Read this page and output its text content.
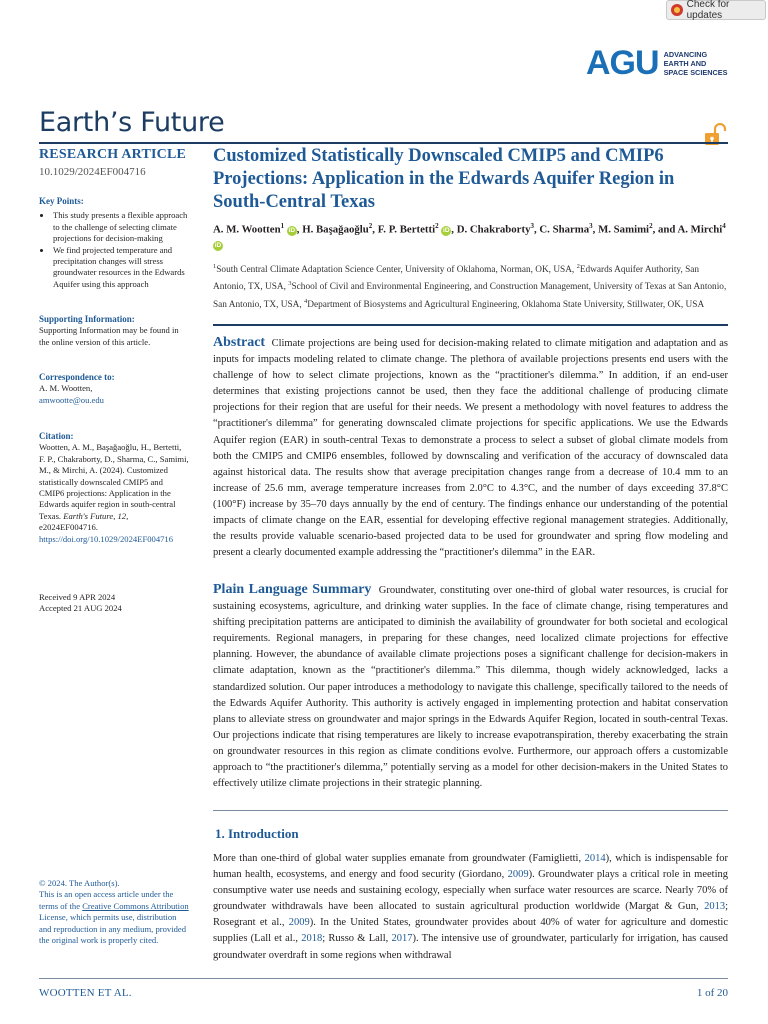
Check for updates
AGU ADVANCING
EARTH AND
SPACE SCIENCES
Earth’s Future
RESEARCH ARTICLE
10.1029/2024EF004716
Key Points:
• This study presents a flexible approach to the challenge of selecting climate projections for decision-making
• We find projected temperature and precipitation changes will stress groundwater resources in the Edwards Aquifer using this approach
Supporting Information:
Supporting Information may be found in the online version of this article.
Correspondence to:
A. M. Wootten,
amwootte@ou.edu
Citation:
Wootten, A. M., Başağaoğlu, H., Bertetti, F. P., Chakraborty, D., Sharma, C., Samimi, M., & Mirchi, A. (2024). Customized statistically downscaled CMIP5 and CMIP6 projections: Application in the Edwards aquifer region in south-central Texas. Earth's Future, 12, e2024EF004716. https://doi.org/10.1029/2024EF004716
Received 9 APR 2024
Accepted 21 AUG 2024
© 2024. The Author(s).
This is an open access article under the terms of the Creative Commons Attribution License, which permits use, distribution and reproduction in any medium, provided the original work is properly cited.
Customized Statistically Downscaled CMIP5 and CMIP6 Projections: Application in the Edwards Aquifer Region in South-Central Texas
A. M. Wootten$^1$ iD , H. Başağaoğlu$^2$, F. P. Bertetti$^2$ iD , D. Chakraborty$^3$, C. Sharma$^3$, M. Samimi$^2$, and A. Mirchi$^4$ iD
$^1$South Central Climate Adaptation Science Center, University of Oklahoma, Norman, OK, USA, $^2$Edwards Aquifer Authority, San Antonio, TX, USA, $^3$School of Civil and Environmental Engineering, and Construction Management, University of Texas at San Antonio, San Antonio, TX, USA, $^4$Department of Biosystems and Agricultural Engineering, Oklahoma State University, Stillwater, OK, USA
Abstract Climate projections are being used for decision-making related to climate mitigation and adaptation and as inputs for impacts modeling related to climate change. The plethora of available projections presents end users with the challenge of how to select climate projections, known as the “practitioner's dilemma.” In addition, if an end-user determines that existing projections cannot be used, then they face the additional challenge of producing climate projections for their region that are useful for their needs. We present a methodology with novel features to address the “practitioner's dilemma” for generating downscaled climate projections for specific applications. We use the Edwards Aquifer region (EAR) in south-central Texas to demonstrate a process to select a subset of global climate models from both the CMIP5 and CMIP6 ensembles, followed by downscaling and verification of the accuracy of downscaled data against historical data. The results show that average precipitation changes range from a decrease of 10.4 mm to an increase of 25.6 mm, average temperature increases from 2.0°C to 4.3°C, and the number of days exceeding 37.8°C (100°F) increase by 35–70 days annually by the end of century. The findings enhance our understanding of the potential impacts of climate change on the EAR, essential for developing effective regional management strategies. Additionally, the results provide valuable scenario-based projected data to be used for groundwater and spring flow modeling and present a clearly documented example addressing the “practitioner's dilemma” in the EAR.
Plain Language Summary Groundwater, constituting over one-third of global water resources, is crucial for sustaining ecosystems, agriculture, and drinking water supplies. In the face of climate change, rising temperatures and shifting precipitation patterns are anticipated to diminish the availability of groundwater for both societal and ecological requirements. Regional managers, in preparing for these changes, need localized climate projections for effective planning. However, the abundance of available climate projections poses a significant challenge for decision-makers in climate adaptation, known as the “practitioner's dilemma.” This dilemma, though widely acknowledged, lacks a standardized solution. Our paper introduces a methodology to navigate this challenge, specifically tailored to the needs of the Edwards Aquifer Authority. This authority is actively engaged in implementing protection and habitat conservation plans to alleviate stress on groundwater and major springs in the Edwards Aquifer Region, located in south-central Texas. Our projections indicate that rising temperatures are likely to increase evapotranspiration, thereby exacerbating the strain on groundwater resources in this region as climate conditions evolve. Furthermore, our approach offers a customizable approach to “the practitioner's dilemma,” potentially serving as a model for other decision-makers in the United States to effectively utilize climate projections in their strategic planning.
1. Introduction
More than one-third of global water supplies emanate from groundwater (Famiglietti, 2014), which is indispensable for human health, ecosystems, and energy and food security (Giordano, 2009). Groundwater plays a critical role in meeting consumptive water use needs and sustaining ecology, especially when surface water resources are scarce. Nearly 70% of groundwater withdrawals have been allocated to sustain agricultural production worldwide (Margat & Gun, 2013; Rosegrant et al., 2009). In the United States, groundwater provides about 40% of water for agriculture and domestic supplies (Lall et al., 2018; Russo & Lall, 2017). The intensive use of groundwater, particularly for irrigation, has caused groundwater overdraft in some regions when withdrawal
WOOTTEN ET AL.	1 of 20
